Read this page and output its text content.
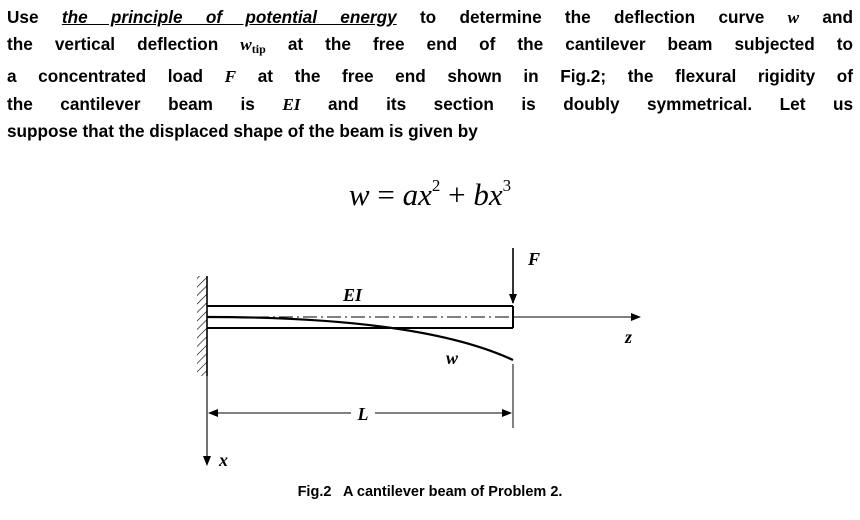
Use the principle of potential energy to determine the deflection curve w and
the vertical deflection $w_{tip}$ at the free end of the cantilever beam subjected to
a concentrated load F at the free end shown in Fig.2; the flexural rigidity of
the cantilever beam is EI and its section is doubly symmetrical. Let us
suppose that the displaced shape of the beam is given by
$w = ax^2 + bx^3$
z
w
F
EI
L
x
Fig.2   A cantilever beam of Problem 2.
